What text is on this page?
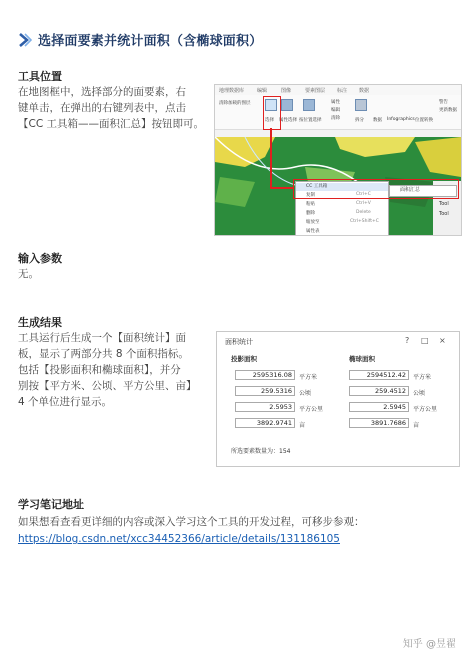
选择面要素并统计面积（含椭球面积）
工具位置
在地图框中，选择部分的面要素，右
键单击，在弹出的右键列表中，点击
【CC 工具箱——面积汇总】按钮即可。
地理数据库	编辑	图像	要素图层 标注 数据
清除加载的图层
选择 属性选择 按位置选择
属性
编辑
清除	拆分 数据 Infographics 位置转换
警告
更新数据
Tool
Tool
CC 工具箱
复制	Ctrl+C
粘贴	Ctrl+V
删除	Delete
缩放至	Ctrl+Shift+C
属性表
面积汇总
输入参数
无。
生成结果
工具运行后生成一个【面积统计】面
板，显示了两部分共 8 个面积指标。
包括【投影面积和椭球面积】，并分
别按【平方米、公顷、平方公里、亩】
4 个单位进行显示。
面积统计	? □ ×
投影面积
2595316.08	平方米
259.5316	公顷
2.5953	平方公里
3892.9741	亩
椭球面积
2594512.42	平方米
259.4512	公顷
2.5945	平方公里
3891.7686	亩
所选要素数量为：154
学习笔记地址
如果想看查看更详细的内容或深入学习这个工具的开发过程，可移步参观：
https://blog.csdn.net/xcc34452366/article/details/131186105
知乎 @昱翟
